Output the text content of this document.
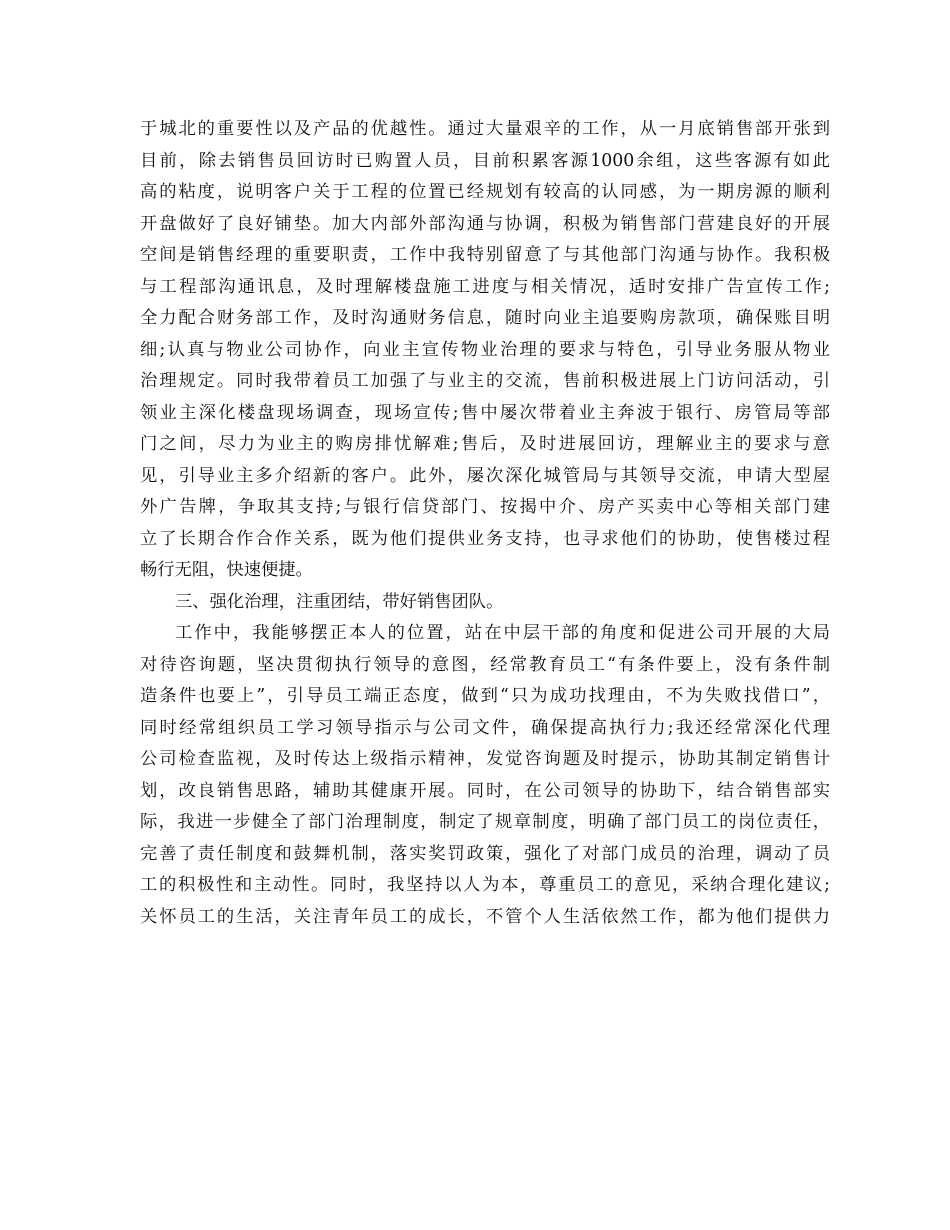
于城北的重要性以及产品的优越性。通过大量艰辛的工作，从一月底销售部开张到
目前，除去销售员回访时已购置人员，目前积累客源1000余组，这些客源有如此
高的粘度，说明客户关于工程的位置已经规划有较高的认同感，为一期房源的顺利
开盘做好了良好铺垫。加大内部外部沟通与协调，积极为销售部门营建良好的开展
空间是销售经理的重要职责，工作中我特别留意了与其他部门沟通与协作。我积极
与工程部沟通讯息，及时理解楼盘施工进度与相关情况，适时安排广告宣传工作;
全力配合财务部工作，及时沟通财务信息，随时向业主追要购房款项，确保账目明
细;认真与物业公司协作，向业主宣传物业治理的要求与特色，引导业务服从物业
治理规定。同时我带着员工加强了与业主的交流，售前积极进展上门访问活动，引
领业主深化楼盘现场调查，现场宣传;售中屡次带着业主奔波于银行、房管局等部
门之间，尽力为业主的购房排忧解难;售后，及时进展回访，理解业主的要求与意
见，引导业主多介绍新的客户。此外，屡次深化城管局与其领导交流，申请大型屋
外广告牌，争取其支持;与银行信贷部门、按揭中介、房产买卖中心等相关部门建
立了长期合作合作关系，既为他们提供业务支持，也寻求他们的协助，使售楼过程
畅行无阻，快速便捷。
三、强化治理，注重团结，带好销售团队。
工作中，我能够摆正本人的位置，站在中层干部的角度和促进公司开展的大局
对待咨询题，坚决贯彻执行领导的意图，经常教育员工“有条件要上，没有条件制
造条件也要上”，引导员工端正态度，做到“只为成功找理由，不为失败找借口”，
同时经常组织员工学习领导指示与公司文件，确保提高执行力;我还经常深化代理
公司检查监视，及时传达上级指示精神，发觉咨询题及时提示，协助其制定销售计
划，改良销售思路，辅助其健康开展。同时，在公司领导的协助下，结合销售部实
际，我进一步健全了部门治理制度，制定了规章制度，明确了部门员工的岗位责任，
完善了责任制度和鼓舞机制，落实奖罚政策，强化了对部门成员的治理，调动了员
工的积极性和主动性。同时，我坚持以人为本，尊重员工的意见，采纳合理化建议;
关怀员工的生活，关注青年员工的成长，不管个人生活依然工作，都为他们提供力
